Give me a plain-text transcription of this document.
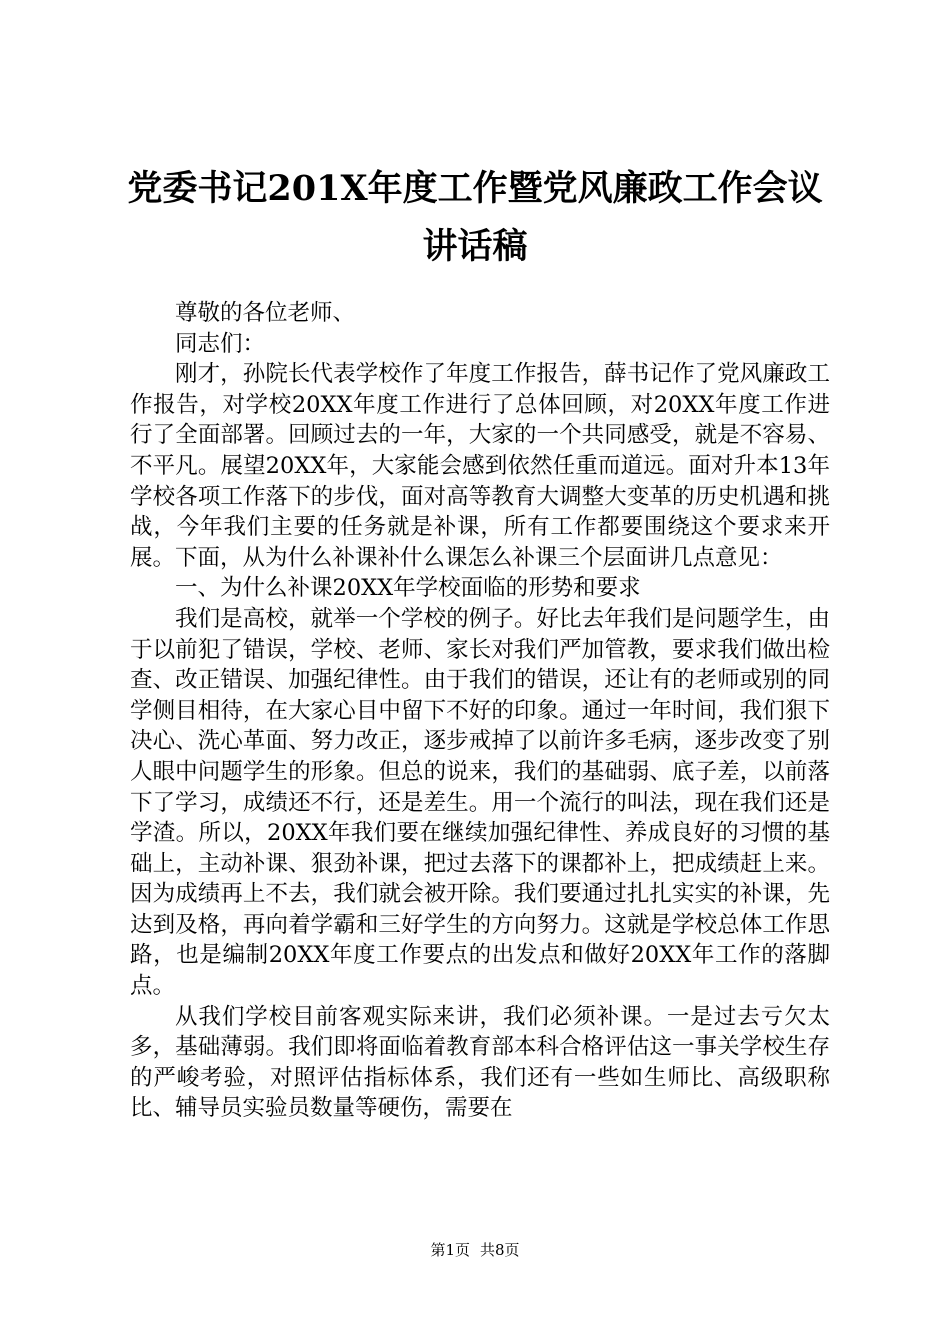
党委书记201X年度工作暨党风廉政工作会议
讲话稿

尊敬的各位老师、

同志们：

刚才，孙院长代表学校作了年度工作报告，薛书记作了党风廉政工作报告，对学校20XX年度工作进行了总体回顾，对20XX年度工作进行了全面部署。回顾过去的一年，大家的一个共同感受，就是不容易、不平凡。展望20XX年，大家能会感到依然任重而道远。面对升本13年学校各项工作落下的步伐，面对高等教育大调整大变革的历史机遇和挑战，今年我们主要的任务就是补课，所有工作都要围绕这个要求来开展。下面，从为什么补课补什么课怎么补课三个层面讲几点意见：

一、为什么补课20XX年学校面临的形势和要求

我们是高校，就举一个学校的例子。好比去年我们是问题学生，由于以前犯了错误，学校、老师、家长对我们严加管教，要求我们做出检查、改正错误、加强纪律性。由于我们的错误，还让有的老师或别的同学侧目相待，在大家心目中留下不好的印象。通过一年时间，我们狠下决心、洗心革面、努力改正，逐步戒掉了以前许多毛病，逐步改变了别人眼中问题学生的形象。但总的说来，我们的基础弱、底子差，以前落下了学习，成绩还不行，还是差生。用一个流行的叫法，现在我们还是学渣。所以，20XX年我们要在继续加强纪律性、养成良好的习惯的基础上，主动补课、狠劲补课，把过去落下的课都补上，把成绩赶上来。因为成绩再上不去，我们就会被开除。我们要通过扎扎实实的补课，先达到及格，再向着学霸和三好学生的方向努力。这就是学校总体工作思路，也是编制20XX年度工作要点的出发点和做好20XX年工作的落脚点。

从我们学校目前客观实际来讲，我们必须补课。一是过去亏欠太多，基础薄弱。我们即将面临着教育部本科合格评估这一事关学校生存的严峻考验，对照评估指标体系，我们还有一些如生师比、高级职称比、辅导员实验员数量等硬伤，需要在

第1页 共8页
